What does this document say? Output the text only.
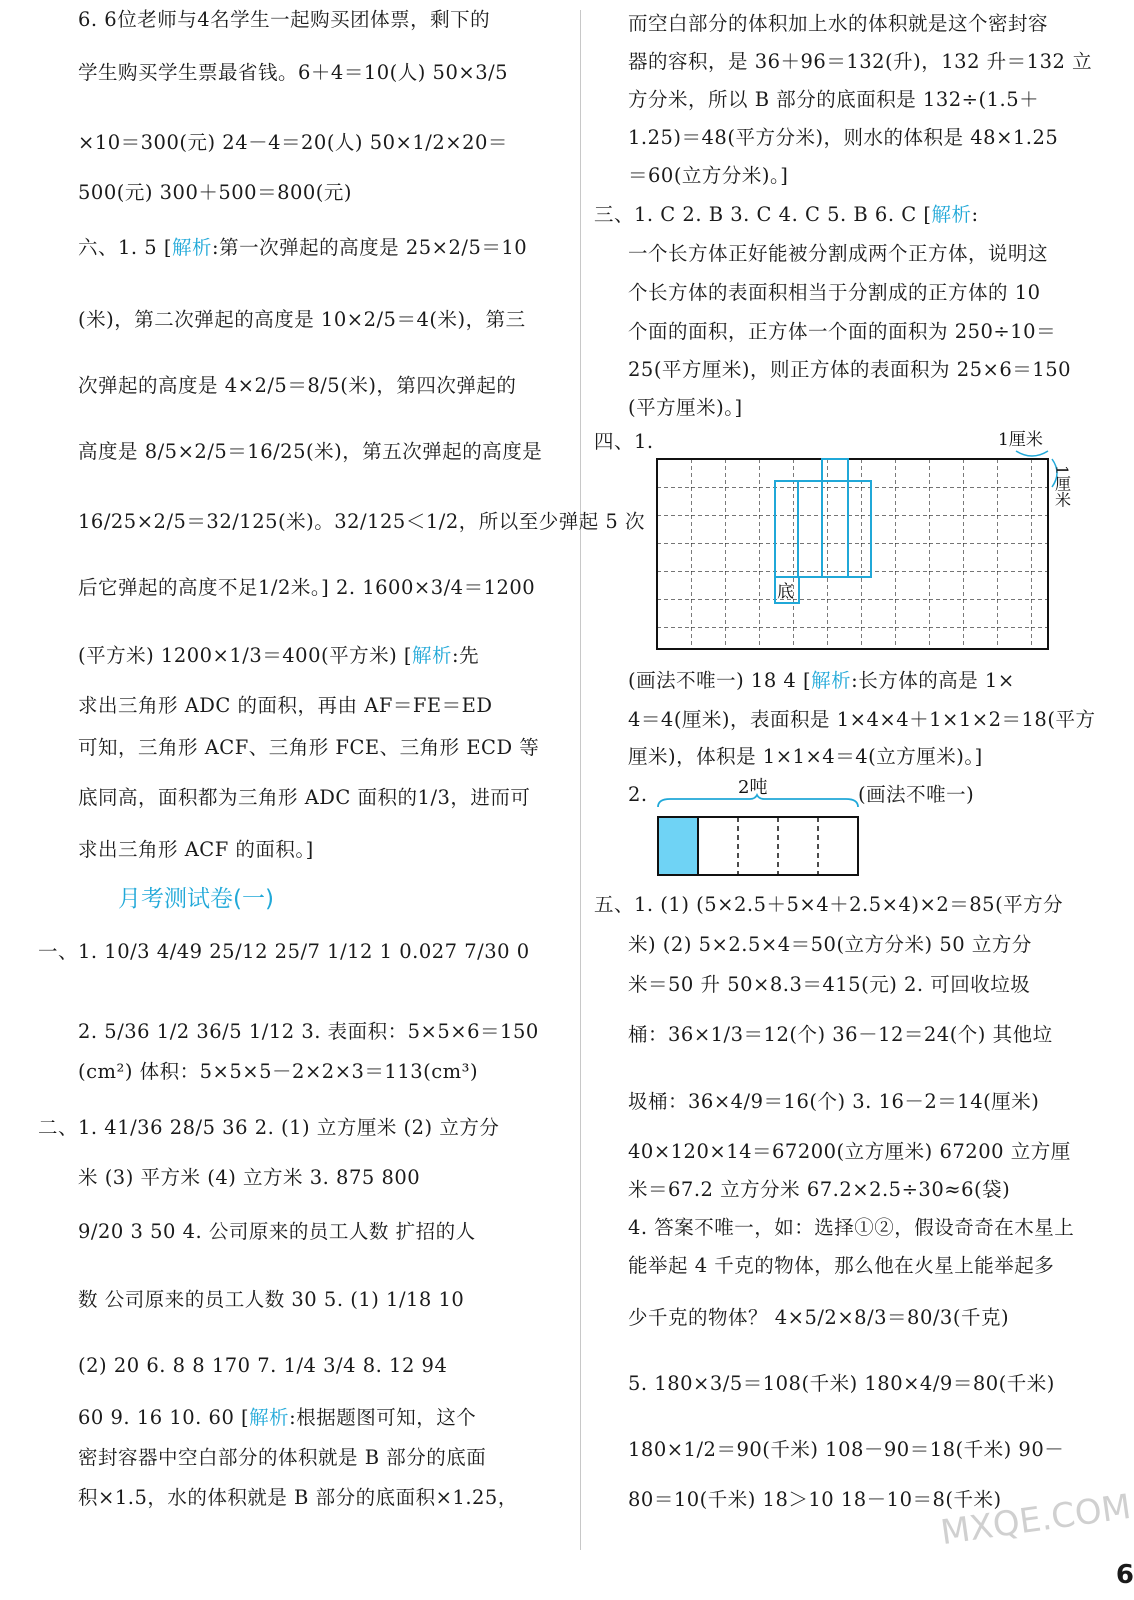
6. 6位老师与4名学生一起购买团体票，剩下的
学生购买学生票最省钱。6＋4＝10(人) 50×3/5
×10＝300(元) 24－4＝20(人) 50×1/2×20＝
500(元) 300＋500＝800(元)
六、1. 5 [解析:第一次弹起的高度是 25×2/5＝10
(米)，第二次弹起的高度是 10×2/5＝4(米)，第三
次弹起的高度是 4×2/5＝8/5(米)，第四次弹起的
高度是 8/5×2/5＝16/25(米)，第五次弹起的高度是
16/25×2/5＝32/125(米)。32/125＜1/2，所以至少弹起 5 次
后它弹起的高度不足1/2米。] 2. 1600×3/4＝1200
(平方米) 1200×1/3＝400(平方米) [解析:先
求出三角形 ADC 的面积，再由 AF＝FE＝ED
可知，三角形 ACF、三角形 FCE、三角形 ECD 等
底同高，面积都为三角形 ADC 面积的1/3，进而可
求出三角形 ACF 的面积。]
月考测试卷(一)
一、1. 10/3 4/49 25/12 25/7 1/12 1 0.027 7/30 0
2. 5/36 1/2 36/5 1/12 3. 表面积：5×5×6＝150
(cm²) 体积：5×5×5－2×2×3＝113(cm³)
二、1. 41/36 28/5 36 2. (1) 立方厘米 (2) 立方分
米 (3) 平方米 (4) 立方米 3. 875 800
9/20 3 50 4. 公司原来的员工人数 扩招的人
数 公司原来的员工人数 30 5. (1) 1/18 10
(2) 20 6. 8 8 170 7. 1/4 3/4 8. 12 94
60 9. 16 10. 60 [解析:根据题图可知，这个
密封容器中空白部分的体积就是 B 部分的底面
积×1.5，水的体积就是 B 部分的底面积×1.25，
而空白部分的体积加上水的体积就是这个密封容
器的容积，是 36＋96＝132(升)，132 升＝132 立
方分米，所以 B 部分的底面积是 132÷(1.5＋
1.25)＝48(平方分米)，则水的体积是 48×1.25
＝60(立方分米)。]
三、1. C 2. B 3. C 4. C 5. B 6. C [解析:
一个长方体正好能被分割成两个正方体，说明这
个长方体的表面积相当于分割成的正方体的 10
个面的面积，正方体一个面的面积为 250÷10＝
25(平方厘米)，则正方体的表面积为 25×6＝150
(平方厘米)。]
四、1.
底
1厘米
1厘米
(画法不唯一) 18 4 [解析:长方体的高是 1×
4＝4(厘米)，表面积是 1×4×4＋1×1×2＝18(平方
厘米)，体积是 1×1×4＝4(立方厘米)。]
2.	(画法不唯一)
2吨
五、1. (1) (5×2.5＋5×4＋2.5×4)×2＝85(平方分
米) (2) 5×2.5×4＝50(立方分米) 50 立方分
米＝50 升 50×8.3＝415(元) 2. 可回收垃圾
桶：36×1/3＝12(个) 36－12＝24(个) 其他垃
圾桶：36×4/9＝16(个) 3. 16－2＝14(厘米)
40×120×14＝67200(立方厘米) 67200 立方厘
米＝67.2 立方分米 67.2×2.5÷30≈6(袋)
4. 答案不唯一，如：选择①②，假设奇奇在木星上
能举起 4 千克的物体，那么他在火星上能举起多
少千克的物体？ 4×5/2×8/3＝80/3(千克)
5. 180×3/5＝108(千米) 180×4/9＝80(千米)
180×1/2＝90(千米) 108－90＝18(千米) 90－
80＝10(千米) 18＞10 18－10＝8(千米)
MXQE.COM
6
